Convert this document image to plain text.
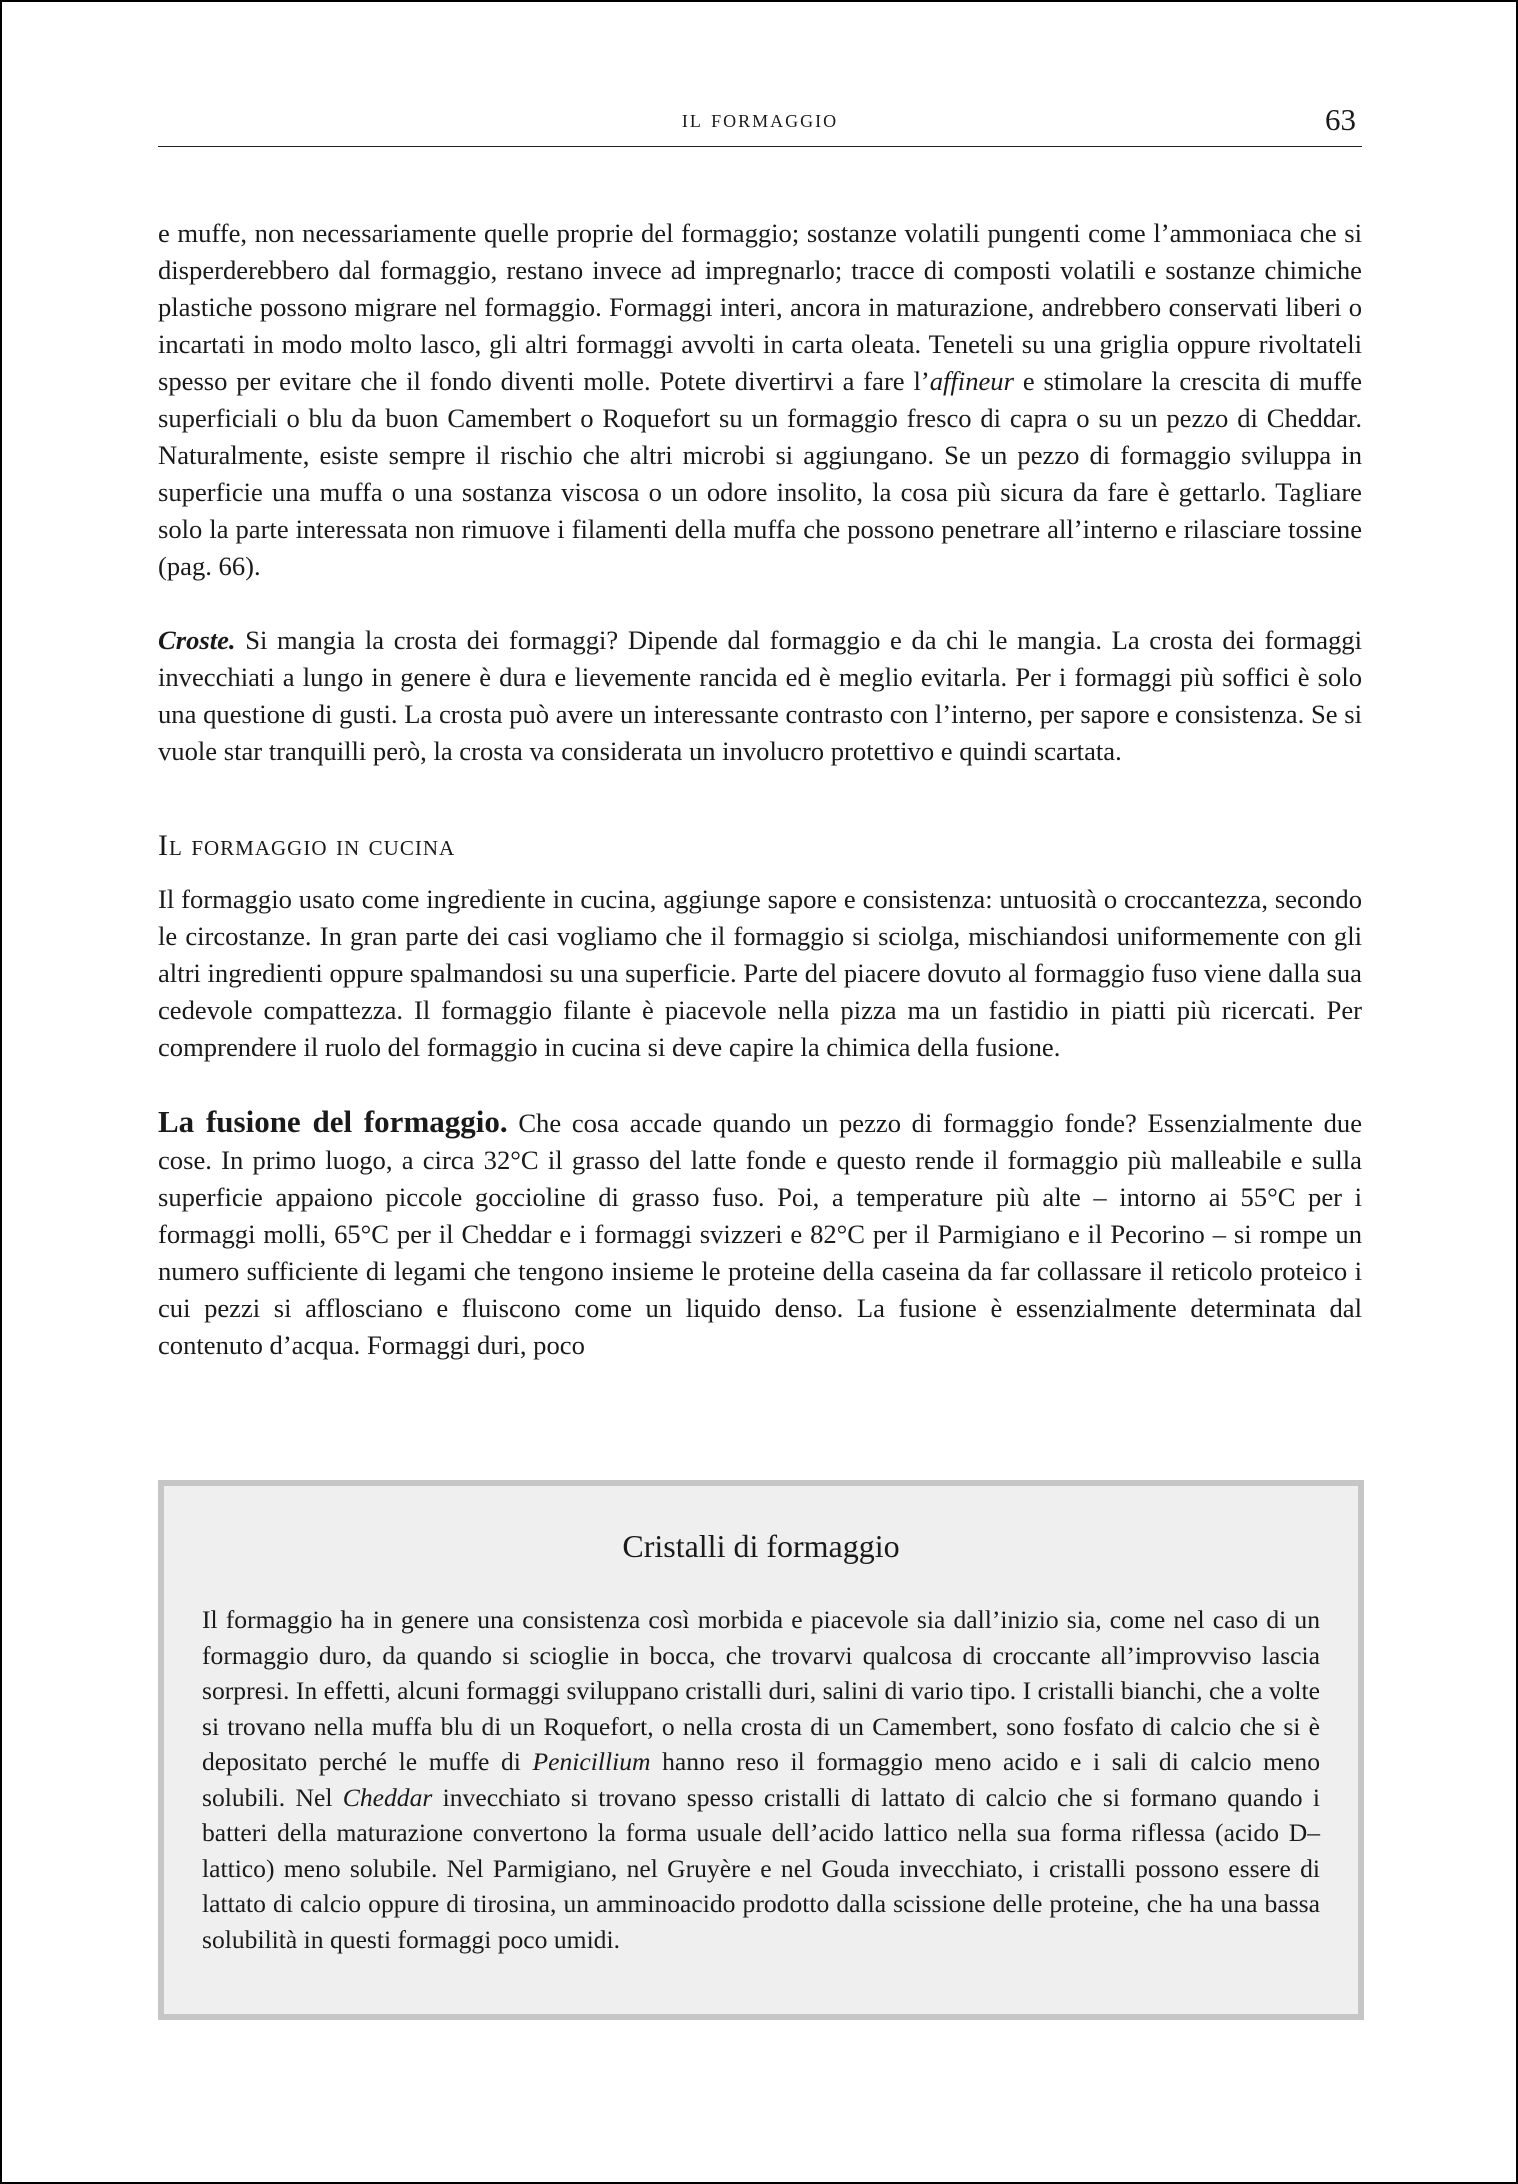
il formaggio	63

e muffe, non necessariamente quelle proprie del formaggio; sostanze volatili pungenti come l’ammoniaca che si disperderebbero dal formaggio, restano invece ad impregnarlo; tracce di composti volatili e sostanze chimiche plastiche possono migrare nel formaggio. Formaggi interi, ancora in maturazione, andrebbero conservati liberi o incartati in modo molto lasco, gli altri formaggi avvolti in carta oleata. Teneteli su una griglia oppure rivoltateli spesso per evitare che il fondo diventi molle. Potete divertirvi a fare l’affineur e stimolare la crescita di muffe superficiali o blu da buon Camembert o Roquefort su un formaggio fresco di capra o su un pezzo di Cheddar. Naturalmente, esiste sempre il rischio che altri microbi si aggiungano. Se un pezzo di formaggio sviluppa in superficie una muffa o una sostanza viscosa o un odore insolito, la cosa più sicura da fare è gettarlo. Tagliare solo la parte interessata non rimuove i filamenti della muffa che possono penetrare all’interno e rilasciare tossine (pag. 66).

Croste. Si mangia la crosta dei formaggi? Dipende dal formaggio e da chi le mangia. La crosta dei formaggi invecchiati a lungo in genere è dura e lievemente rancida ed è meglio evitarla. Per i formaggi più soffici è solo una questione di gusti. La crosta può avere un interessante contrasto con l’interno, per sapore e consistenza. Se si vuole star tranquilli però, la crosta va considerata un involucro protettivo e quindi scartata.

Il formaggio in cucina

Il formaggio usato come ingrediente in cucina, aggiunge sapore e consistenza: untuosità o croccantezza, secondo le circostanze. In gran parte dei casi vogliamo che il formaggio si sciolga, mischiandosi uniformemente con gli altri ingredienti oppure spalmandosi su una superficie. Parte del piacere dovuto al formaggio fuso viene dalla sua cedevole compattezza. Il formaggio filante è piacevole nella pizza ma un fastidio in piatti più ricercati. Per comprendere il ruolo del formaggio in cucina si deve capire la chimica della fusione.

La fusione del formaggio. Che cosa accade quando un pezzo di formaggio fonde? Essenzialmente due cose. In primo luogo, a circa 32°C il grasso del latte fonde e questo rende il formaggio più malleabile e sulla superficie appaiono piccole goccioline di grasso fuso. Poi, a temperature più alte – intorno ai 55°C per i formaggi molli, 65°C per il Cheddar e i formaggi svizzeri e 82°C per il Parmigiano e il Pecorino – si rompe un numero sufficiente di legami che tengono insieme le proteine della caseina da far collassare il reticolo proteico i cui pezzi si afflosciano e fluiscono come un liquido denso. La fusione è essenzialmente determinata dal contenuto d’acqua. Formaggi duri, poco

Cristalli di formaggio

Il formaggio ha in genere una consistenza così morbida e piacevole sia dall’inizio sia, come nel caso di un formaggio duro, da quando si scioglie in bocca, che trovarvi qualcosa di croccante all’improvviso lascia sorpresi. In effetti, alcuni formaggi sviluppano cristalli duri, salini di vario tipo. I cristalli bianchi, che a volte si trovano nella muffa blu di un Roquefort, o nella crosta di un Camembert, sono fosfato di calcio che si è depositato perché le muffe di Penicillium hanno reso il formaggio meno acido e i sali di calcio meno solubili. Nel Cheddar invecchiato si trovano spesso cristalli di lattato di calcio che si formano quando i batteri della maturazione convertono la forma usuale dell’acido lattico nella sua forma riflessa (acido D–lattico) meno solubile. Nel Parmigiano, nel Gruyère e nel Gouda invecchiato, i cristalli possono essere di lattato di calcio oppure di tirosina, un amminoacido prodotto dalla scissione delle proteine, che ha una bassa solubilità in questi formaggi poco umidi.
